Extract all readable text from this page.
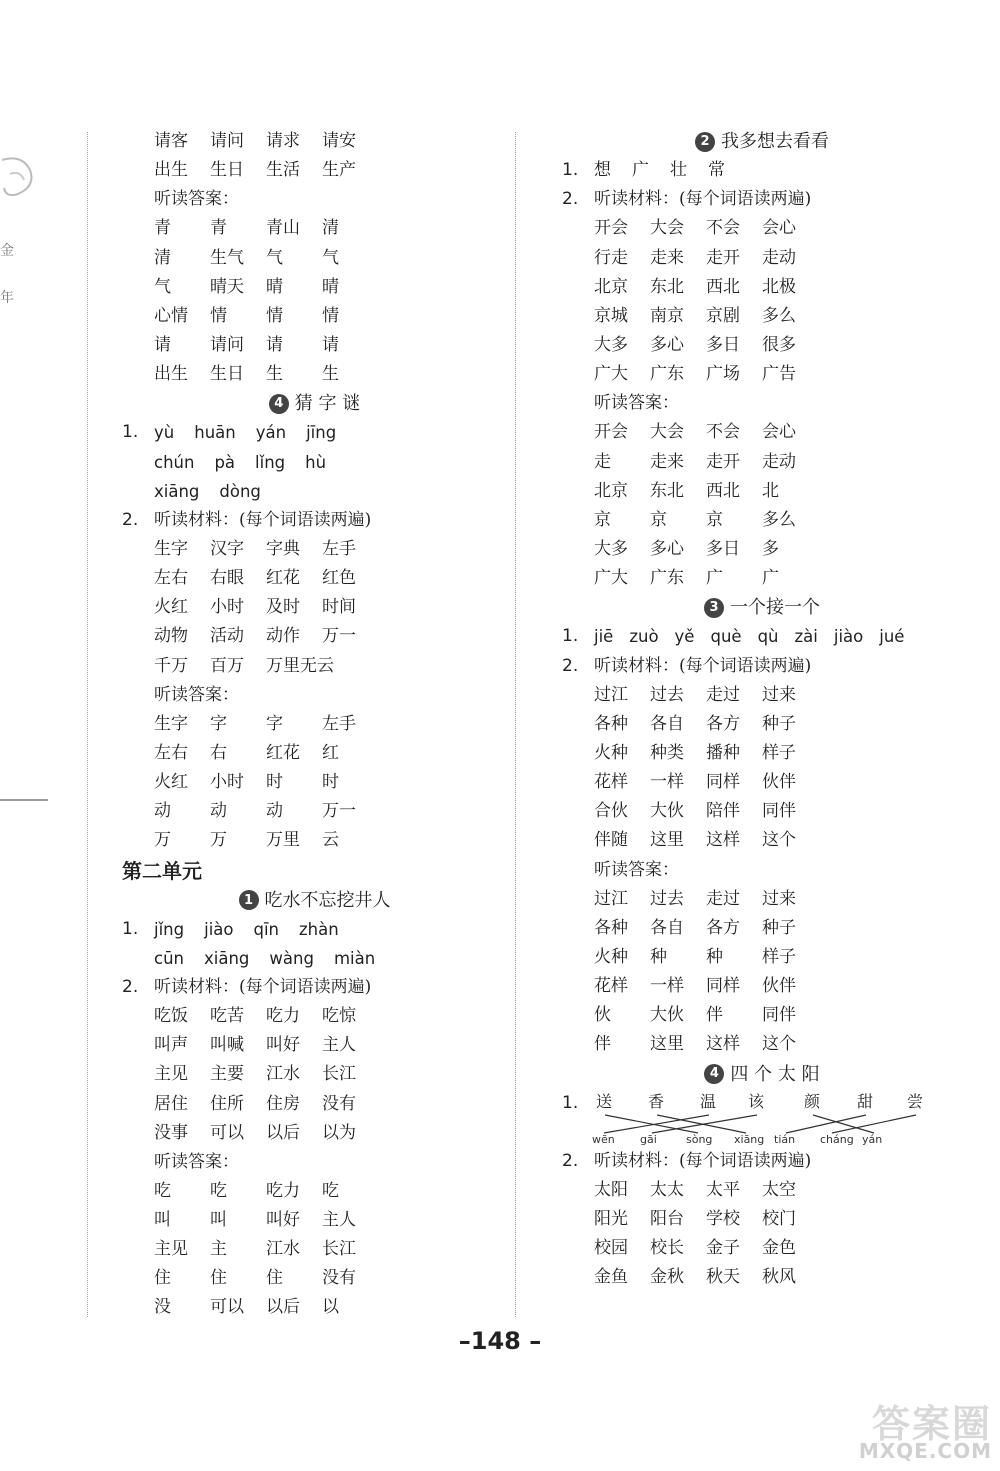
金
年
请客	请问	请求	请安
出生	生日	生活	生产
听读答案：
青	青	青山	清
清	生气	气	气
气	晴天	晴	晴
心情	情	情	情
请	请问	请	请
出生	生日	生	生
4 猜 字 谜
1. yù huān yán jīng
chún pà lǐng hù
xiāng dòng
2. 听读材料：(每个词语读两遍)
生字	汉字	字典	左手
左右	右眼	红花	红色
火红	小时	及时	时间
动物	活动	动作	万一
千万	百万	万里无云
听读答案：
生字	字	字	左手
左右	右	红花	红
火红	小时	时	时
动	动	动	万一
万	万	万里	云
第二单元
1 吃水不忘挖井人
1. jǐng jiào qīn zhàn
cūn xiāng wàng miàn
2. 听读材料：(每个词语读两遍)
吃饭	吃苦	吃力	吃惊
叫声	叫喊	叫好	主人
主见	主要	江水	长江
居住	住所	住房	没有
没事	可以	以后	以为
听读答案：
吃	吃	吃力	吃
叫	叫	叫好	主人
主见	主	江水	长江
住	住	住	没有
没	可以	以后	以
2 我多想去看看
1. 想 广 壮 常
2. 听读材料：(每个词语读两遍)
开会	大会	不会	会心
行走	走来	走开	走动
北京	东北	西北	北极
京城	南京	京剧	多么
大多	多心	多日	很多
广大	广东	广场	广告
听读答案：
开会	大会	不会	会心
走	走来	走开	走动
北京	东北	西北	北
京	京	京	多么
大多	多心	多日	多
广大	广东	广	广
3 一个接一个
1. jiē zuò yě què qù zài jiào jué
2. 听读材料：(每个词语读两遍)
过江	过去	走过	过来
各种	各自	各方	种子
火种	种类	播种	样子
花样	一样	同样	伙伴
合伙	大伙	陪伴	同伴
伴随	这里	这样	这个
听读答案：
过江	过去	走过	过来
各种	各自	各方	种子
火种	种	种	样子
花样	一样	同样	伙伴
伙	大伙	伴	同伴
伴	这里	这样	这个
4 四 个 太 阳
1.	送 香 温 该 颜 甜 尝
wēn gāi	sòng xiāng tián cháng yán
2. 听读材料：(每个词语读两遍)
太阳	太太	太平	太空
阳光	阳台	学校	校门
校园	校长	金子	金色
金鱼	金秋	秋天	秋风
–148 –
答案圈
MXQE.COM
